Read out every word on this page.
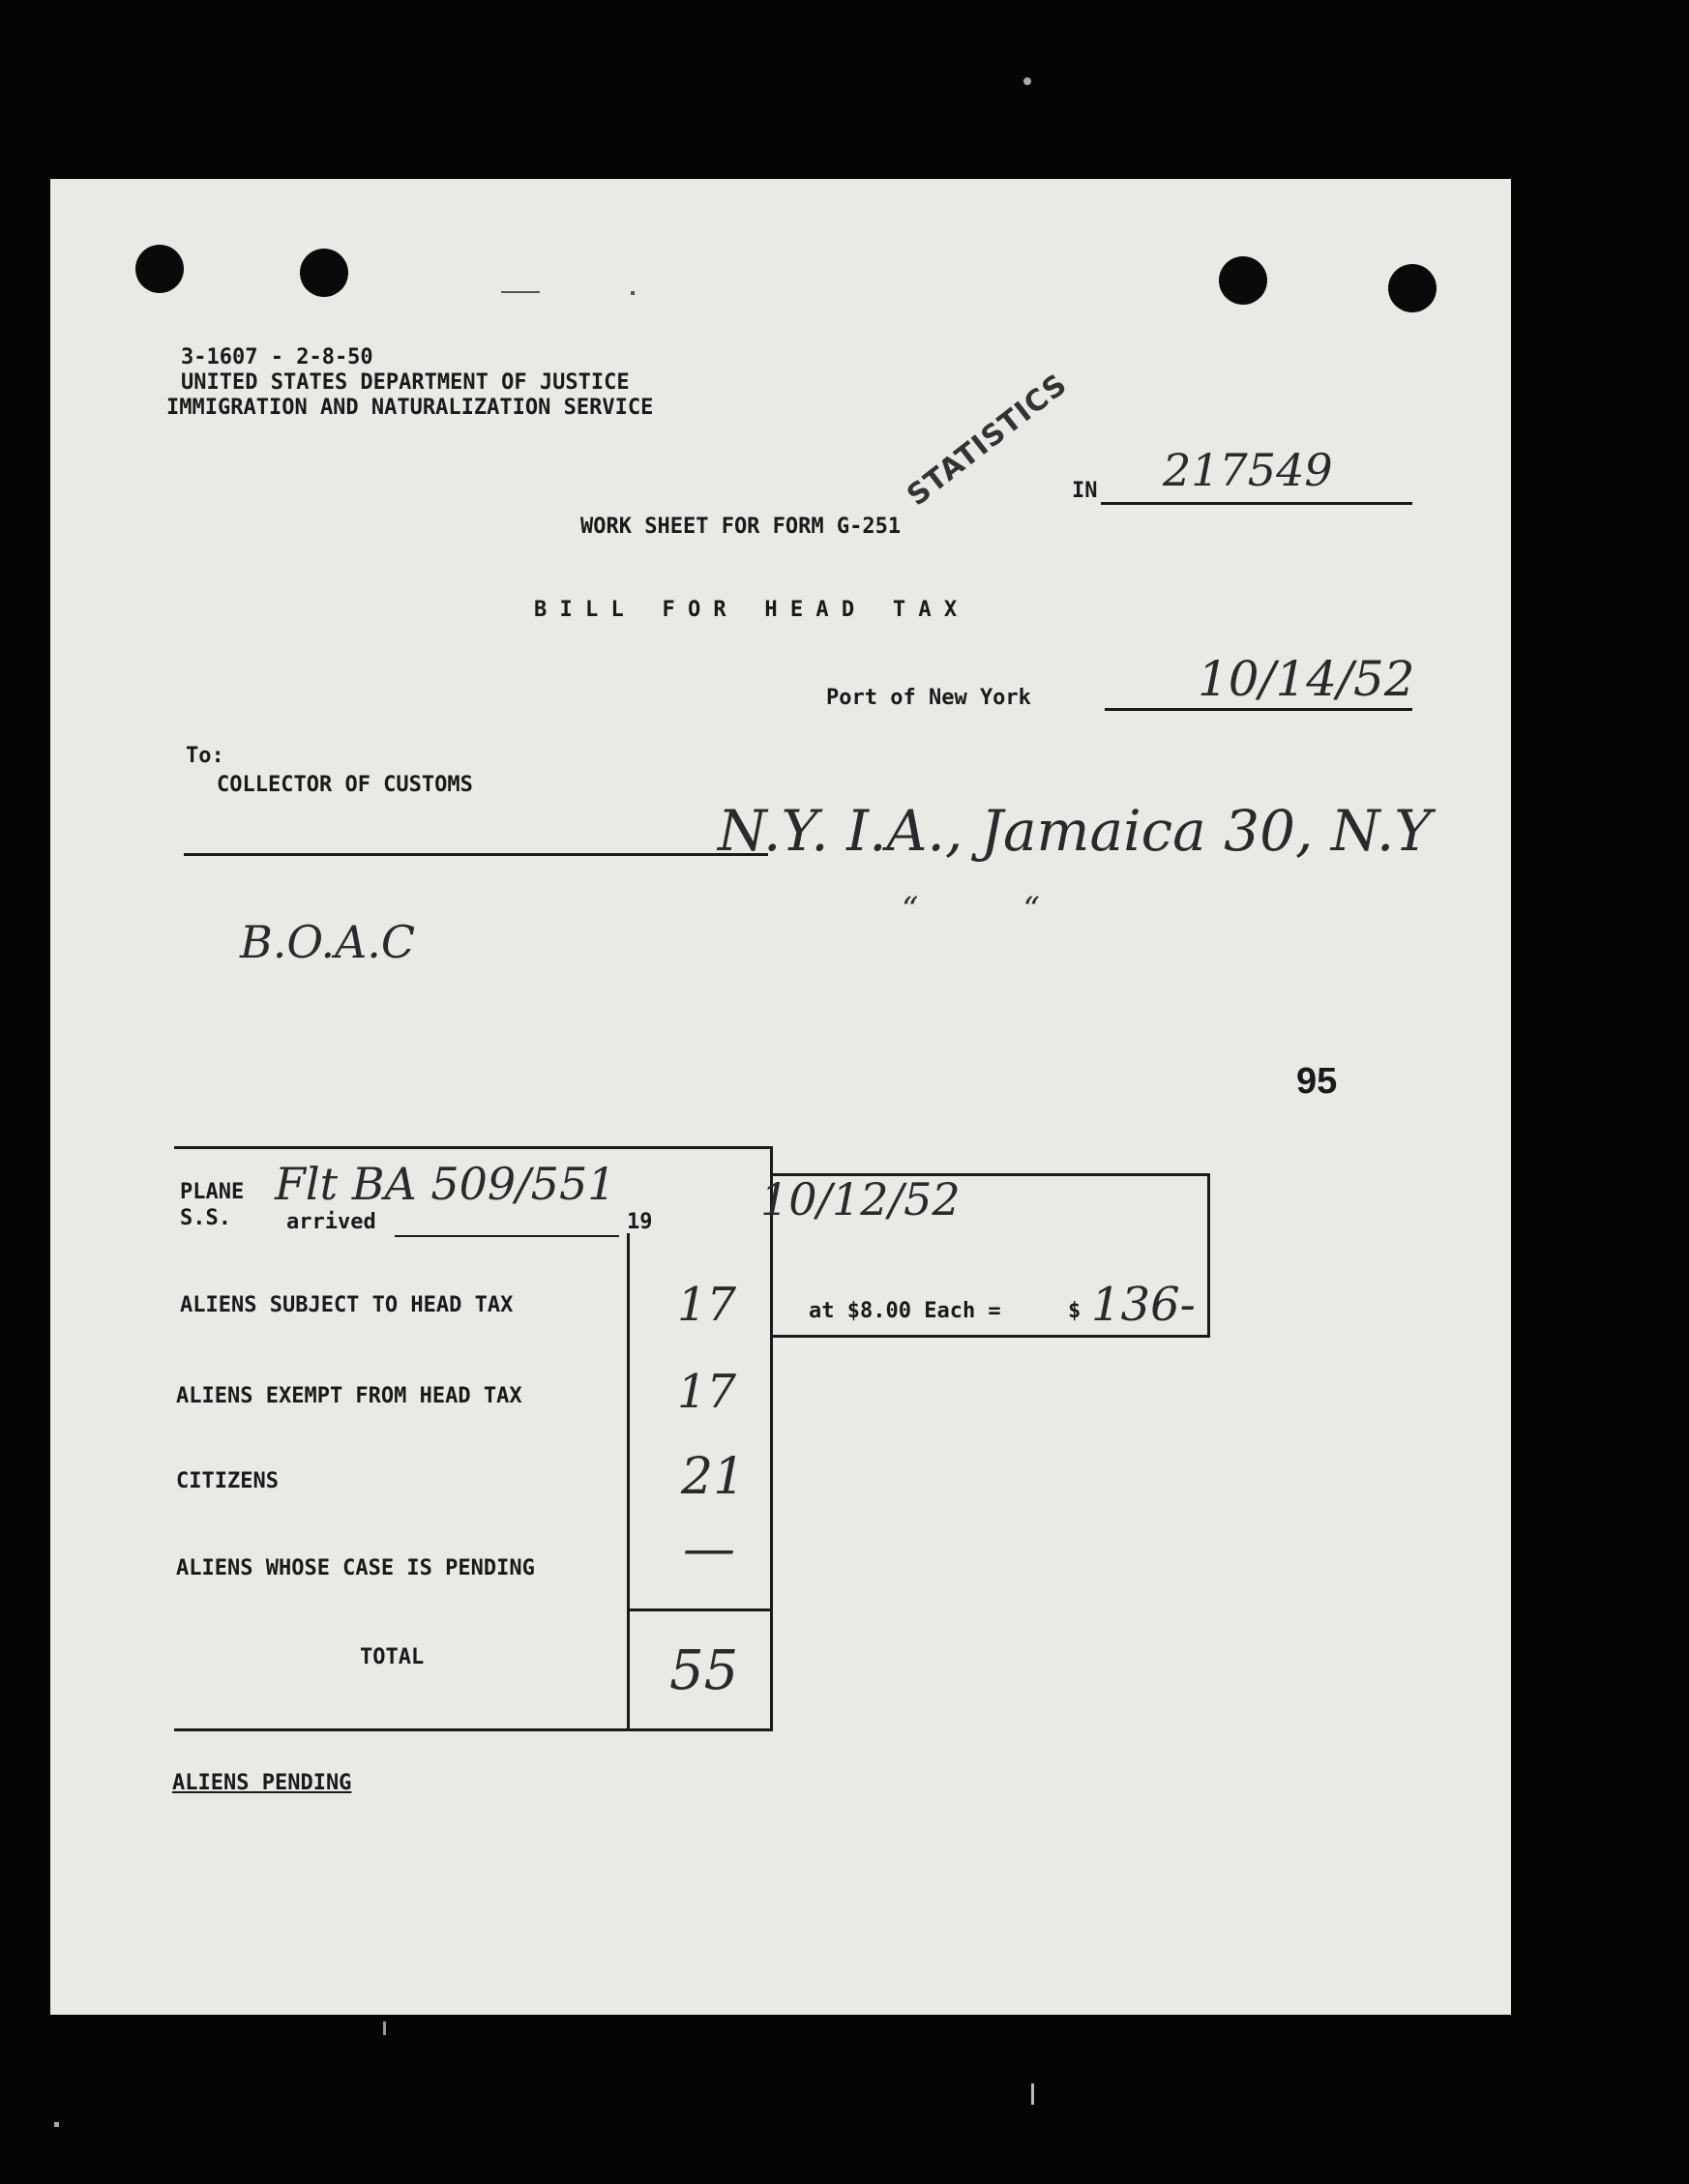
3-1607 - 2-8-50
UNITED STATES DEPARTMENT OF JUSTICE
IMMIGRATION AND NATURALIZATION SERVICE	STATISTICS
IN 217549
WORK SHEET FOR FORM G-251
B I L L   F O R   H E A D   T A X
Port of New York	10/14/52
To:
COLLECTOR OF CUSTOMS
N.Y. I.A., Jamaica 30, N.Y
“          “
B.O.A.C
95
PLANE
S.S.	arrived	19
Flt BA 509/551	10/12/52
ALIENS SUBJECT TO HEAD TAX	17
ALIENS EXEMPT FROM HEAD TAX	17
CITIZENS	21
ALIENS WHOSE CASE IS PENDING	—
TOTAL	55
at $8.00 Each =	$ 136-
ALIENS PENDING
